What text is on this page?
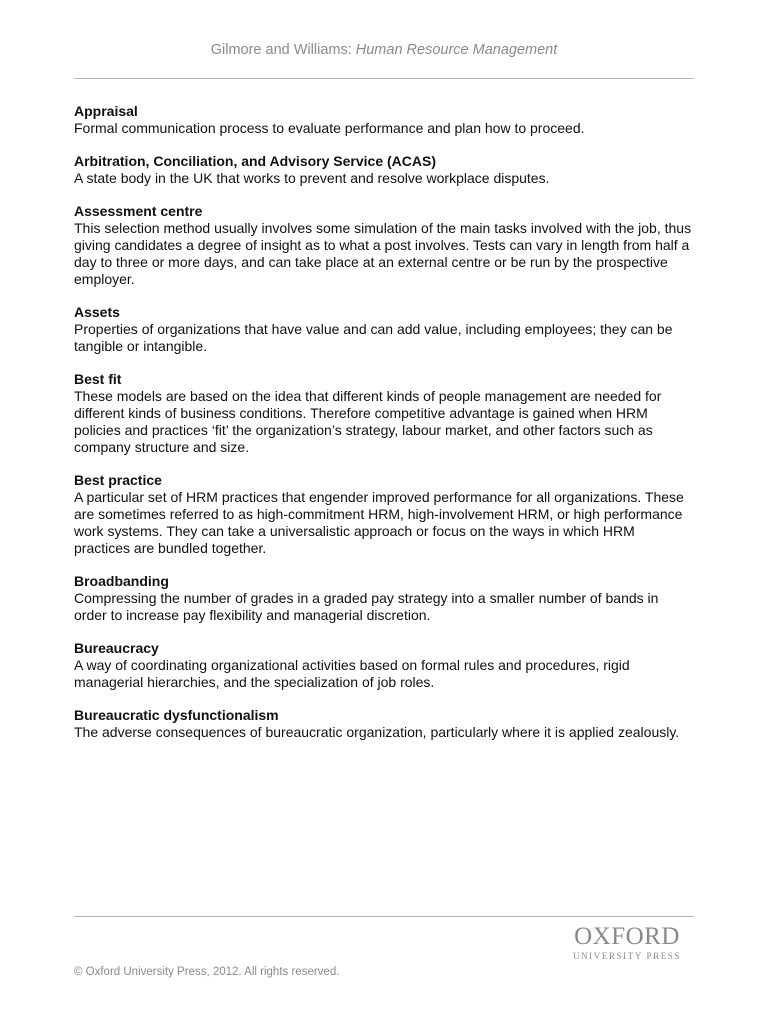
Gilmore and Williams: Human Resource Management
Appraisal
Formal communication process to evaluate performance and plan how to proceed.
Arbitration, Conciliation, and Advisory Service (ACAS)
A state body in the UK that works to prevent and resolve workplace disputes.
Assessment centre
This selection method usually involves some simulation of the main tasks involved with the job, thus giving candidates a degree of insight as to what a post involves. Tests can vary in length from half a day to three or more days, and can take place at an external centre or be run by the prospective employer.
Assets
Properties of organizations that have value and can add value, including employees; they can be tangible or intangible.
Best fit
These models are based on the idea that different kinds of people management are needed for different kinds of business conditions. Therefore competitive advantage is gained when HRM policies and practices ‘fit’ the organization’s strategy, labour market, and other factors such as company structure and size.
Best practice
A particular set of HRM practices that engender improved performance for all organizations. These are sometimes referred to as high-commitment HRM, high-involvement HRM, or high performance work systems. They can take a universalistic approach or focus on the ways in which HRM practices are bundled together.
Broadbanding
Compressing the number of grades in a graded pay strategy into a smaller number of bands in order to increase pay flexibility and managerial discretion.
Bureaucracy
A way of coordinating organizational activities based on formal rules and procedures, rigid managerial hierarchies, and the specialization of job roles.
Bureaucratic dysfunctionalism
The adverse consequences of bureaucratic organization, particularly where it is applied zealously.
OXFORD
UNIVERSITY PRESS
© Oxford University Press, 2012. All rights reserved.
